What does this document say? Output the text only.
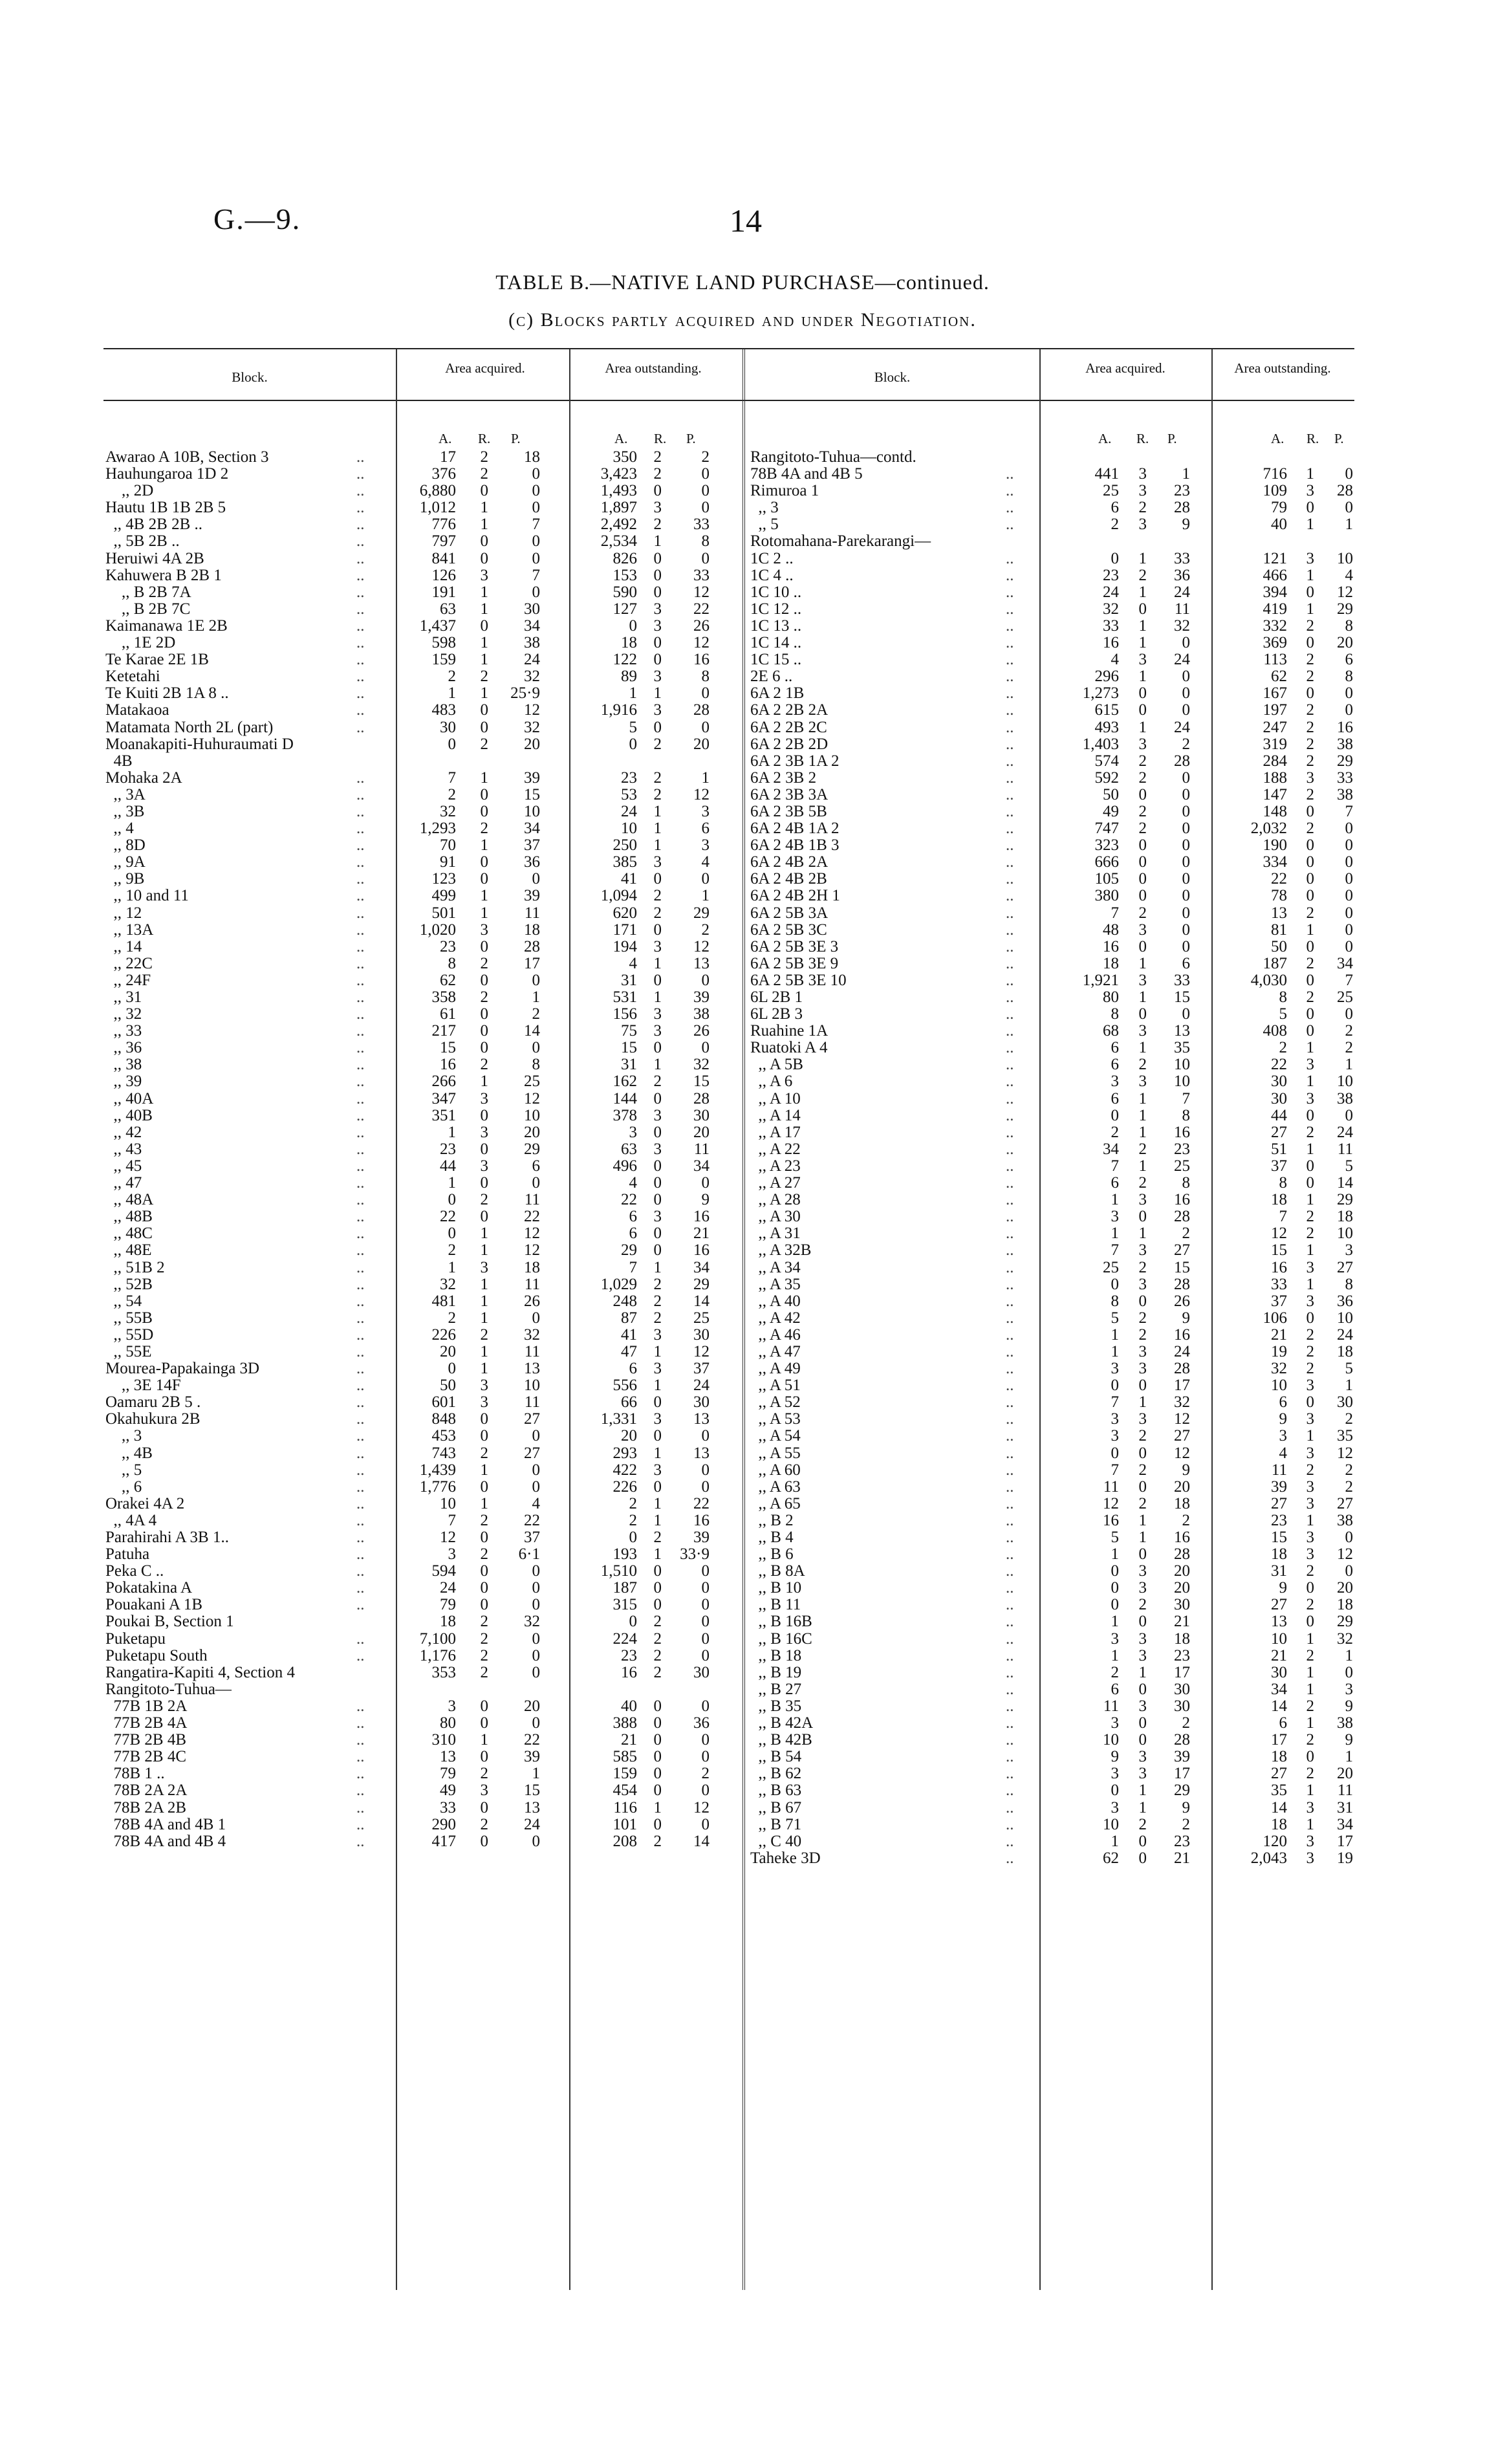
G.—9.	14
TABLE B.—NATIVE LAND PURCHASE—continued.
(c) Blocks partly acquired and under Negotiation.
Block.
Area acquired.	Area outstanding.
Block.
Area acquired.	Area outstanding.
A. R. P.	A. R. P.
Awarao A 10B, Section 3	..	17	2	18	350	2	2
Hauhungaroa 1D 2	..	376	2	0	3,423	2	0
,, 2D	..	6,880	0	0	1,493	0	0
Hautu 1B 1B 2B 5	..	1,012	1	0	1,897	3	0
,, 4B 2B 2B ..	..	776	1	7	2,492	2	33
,, 5B 2B ..	..	797	0	0	2,534	1	8
Heruiwi 4A 2B	..	841	0	0	826	0	0
Kahuwera B 2B 1	..	126	3	7	153	0	33
,, B 2B 7A	..	191	1	0	590	0	12
,, B 2B 7C	..	63	1	30	127	3	22
Kaimanawa 1E 2B	..	1,437	0	34	0	3	26
,, 1E 2D	..	598	1	38	18	0	12
Te Karae 2E 1B	..	159	1	24	122	0	16
Ketetahi	..	2	2	32	89	3	8
Te Kuiti 2B 1A 8 ..	..	1	1	25·9	1	1	0
Matakaoa	..	483	0	12	1,916	3	28
Matamata North 2L (part)	..	30	0	32	5	0	0
Moanakapiti-Huhuraumati D	0	2	20	0	2	20
4B
Mohaka 2A	..	7	1	39	23	2	1
,, 3A	..	2	0	15	53	2	12
,, 3B	..	32	0	10	24	1	3
,, 4	..	1,293	2	34	10	1	6
,, 8D	..	70	1	37	250	1	3
,, 9A	..	91	0	36	385	3	4
,, 9B	..	123	0	0	41	0	0
,, 10 and 11	..	499	1	39	1,094	2	1
,, 12	..	501	1	11	620	2	29
,, 13A	..	1,020	3	18	171	0	2
,, 14	..	23	0	28	194	3	12
,, 22C	..	8	2	17	4	1	13
,, 24F	..	62	0	0	31	0	0
,, 31	..	358	2	1	531	1	39
,, 32	..	61	0	2	156	3	38
,, 33	..	217	0	14	75	3	26
,, 36	..	15	0	0	15	0	0
,, 38	..	16	2	8	31	1	32
,, 39	..	266	1	25	162	2	15
,, 40A	..	347	3	12	144	0	28
,, 40B	..	351	0	10	378	3	30
,, 42	..	1	3	20	3	0	20
,, 43	..	23	0	29	63	3	11
,, 45	..	44	3	6	496	0	34
,, 47	..	1	0	0	4	0	0
,, 48A	..	0	2	11	22	0	9
,, 48B	..	22	0	22	6	3	16
,, 48C	..	0	1	12	6	0	21
,, 48E	..	2	1	12	29	0	16
,, 51B 2	..	1	3	18	7	1	34
,, 52B	..	32	1	11	1,029	2	29
,, 54	..	481	1	26	248	2	14
,, 55B	..	2	1	0	87	2	25
,, 55D	..	226	2	32	41	3	30
,, 55E	..	20	1	11	47	1	12
Mourea-Papakainga 3D	..	0	1	13	6	3	37
,, 3E 14F	..	50	3	10	556	1	24
Oamaru 2B 5 .	..	601	3	11	66	0	30
Okahukura 2B	..	848	0	27	1,331	3	13
,, 3	..	453	0	0	20	0	0
,, 4B	..	743	2	27	293	1	13
,, 5	..	1,439	1	0	422	3	0
,, 6	..	1,776	0	0	226	0	0
Orakei 4A 2	..	10	1	4	2	1	22
,, 4A 4	..	7	2	22	2	1	16
Parahirahi A 3B 1..	..	12	0	37	0	2	39
Patuha	..	3	2	6·1	193	1	33·9
Peka C ..	..	594	0	0	1,510	0	0
Pokatakina A	..	24	0	0	187	0	0
Pouakani A 1B	..	79	0	0	315	0	0
Poukai B, Section 1	18	2	32	0	2	0
Puketapu	..	7,100	2	0	224	2	0
Puketapu South	..	1,176	2	0	23	2	0
Rangatira-Kapiti 4, Section 4	353	2	0	16	2	30
Rangitoto-Tuhua—
77B 1B 2A	..	3	0	20	40	0	0
77B 2B 4A	..	80	0	0	388	0	36
77B 2B 4B	..	310	1	22	21	0	0
77B 2B 4C	..	13	0	39	585	0	0
78B 1 ..	..	79	2	1	159	0	2
78B 2A 2A	..	49	3	15	454	0	0
78B 2A 2B	..	33	0	13	116	1	12
78B 4A and 4B 1	..	290	2	24	101	0	0
78B 4A and 4B 4	..	417	0	0	208	2	14
A. R. P.	A. R. P.
Rangitoto-Tuhua—contd.
78B 4A and 4B 5	..	441	3	1	716	1	0
Rimuroa 1	..	25	3	23	109	3	28
,, 3	..	6	2	28	79	0	0
,, 5	..	2	3	9	40	1	1
Rotomahana-Parekarangi—
1C 2 ..	..	0	1	33	121	3	10
1C 4 ..	..	23	2	36	466	1	4
1C 10 ..	..	24	1	24	394	0	12
1C 12 ..	..	32	0	11	419	1	29
1C 13 ..	..	33	1	32	332	2	8
1C 14 ..	..	16	1	0	369	0	20
1C 15 ..	..	4	3	24	113	2	6
2E 6 ..	..	296	1	0	62	2	8
6A 2 1B	..	1,273	0	0	167	0	0
6A 2 2B 2A	..	615	0	0	197	2	0
6A 2 2B 2C	..	493	1	24	247	2	16
6A 2 2B 2D	..	1,403	3	2	319	2	38
6A 2 3B 1A 2	..	574	2	28	284	2	29
6A 2 3B 2	..	592	2	0	188	3	33
6A 2 3B 3A	..	50	0	0	147	2	38
6A 2 3B 5B	..	49	2	0	148	0	7
6A 2 4B 1A 2	..	747	2	0	2,032	2	0
6A 2 4B 1B 3	..	323	0	0	190	0	0
6A 2 4B 2A	..	666	0	0	334	0	0
6A 2 4B 2B	..	105	0	0	22	0	0
6A 2 4B 2H 1	..	380	0	0	78	0	0
6A 2 5B 3A	..	7	2	0	13	2	0
6A 2 5B 3C	..	48	3	0	81	1	0
6A 2 5B 3E 3	..	16	0	0	50	0	0
6A 2 5B 3E 9	..	18	1	6	187	2	34
6A 2 5B 3E 10	..	1,921	3	33	4,030	0	7
6L 2B 1	..	80	1	15	8	2	25
6L 2B 3	..	8	0	0	5	0	0
Ruahine 1A	..	68	3	13	408	0	2
Ruatoki A 4	..	6	1	35	2	1	2
,, A 5B	..	6	2	10	22	3	1
,, A 6	..	3	3	10	30	1	10
,, A 10	..	6	1	7	30	3	38
,, A 14	..	0	1	8	44	0	0
,, A 17	..	2	1	16	27	2	24
,, A 22	..	34	2	23	51	1	11
,, A 23	..	7	1	25	37	0	5
,, A 27	..	6	2	8	8	0	14
,, A 28	..	1	3	16	18	1	29
,, A 30	..	3	0	28	7	2	18
,, A 31	..	1	1	2	12	2	10
,, A 32B	..	7	3	27	15	1	3
,, A 34	..	25	2	15	16	3	27
,, A 35	..	0	3	28	33	1	8
,, A 40	..	8	0	26	37	3	36
,, A 42	..	5	2	9	106	0	10
,, A 46	..	1	2	16	21	2	24
,, A 47	..	1	3	24	19	2	18
,, A 49	..	3	3	28	32	2	5
,, A 51	..	0	0	17	10	3	1
,, A 52	..	7	1	32	6	0	30
,, A 53	..	3	3	12	9	3	2
,, A 54	..	3	2	27	3	1	35
,, A 55	..	0	0	12	4	3	12
,, A 60	..	7	2	9	11	2	2
,, A 63	..	11	0	20	39	3	2
,, A 65	..	12	2	18	27	3	27
,, B 2	..	16	1	2	23	1	38
,, B 4	..	5	1	16	15	3	0
,, B 6	..	1	0	28	18	3	12
,, B 8A	..	0	3	20	31	2	0
,, B 10	..	0	3	20	9	0	20
,, B 11	..	0	2	30	27	2	18
,, B 16B	..	1	0	21	13	0	29
,, B 16C	..	3	3	18	10	1	32
,, B 18	..	1	3	23	21	2	1
,, B 19	..	2	1	17	30	1	0
,, B 27	..	6	0	30	34	1	3
,, B 35	..	11	3	30	14	2	9
,, B 42A	..	3	0	2	6	1	38
,, B 42B	..	10	0	28	17	2	9
,, B 54	..	9	3	39	18	0	1
,, B 62	..	3	3	17	27	2	20
,, B 63	..	0	1	29	35	1	11
,, B 67	..	3	1	9	14	3	31
,, B 71	..	10	2	2	18	1	34
,, C 40	..	1	0	23	120	3	17
Taheke 3D	..	62	0	21	2,043	3	19
